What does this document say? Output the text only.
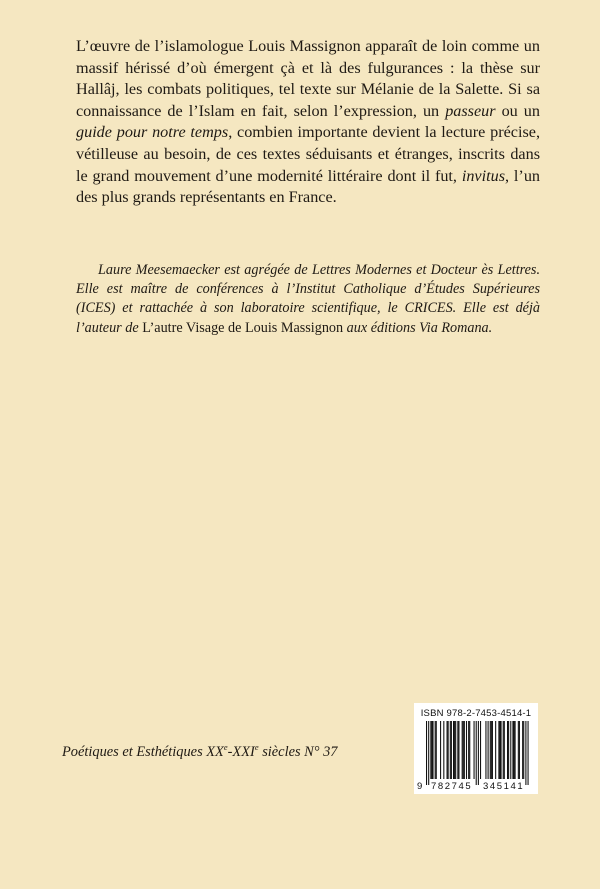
L’œuvre de l’islamologue Louis Massignon apparaît de loin comme un massif hérissé d’où émergent çà et là des fulgurances : la thèse sur Hallâj, les combats politiques, tel texte sur Mélanie de la Salette. Si sa connaissance de l’Islam en fait, selon l’expression, un passeur ou un guide pour notre temps, combien importante devient la lecture précise, vétilleuse au besoin, de ces textes séduisants et étranges, inscrits dans le grand mouvement d’une modernité littéraire dont il fut, invitus, l’un des plus grands représentants en France.

Laure Meesemaecker est agrégée de Lettres Modernes et Docteur ès Lettres. Elle est maître de conférences à l’Institut Catholique d’Études Supérieures (ICES) et rattachée à son laboratoire scientifique, le CRICES. Elle est déjà l’auteur de L’autre Visage de Louis Massignon aux éditions Via Romana.

Poétiques et Esthétiques XXe-XXIe siècles N° 37
ISBN 978-2-7453-4514-1
9 782745 345141
